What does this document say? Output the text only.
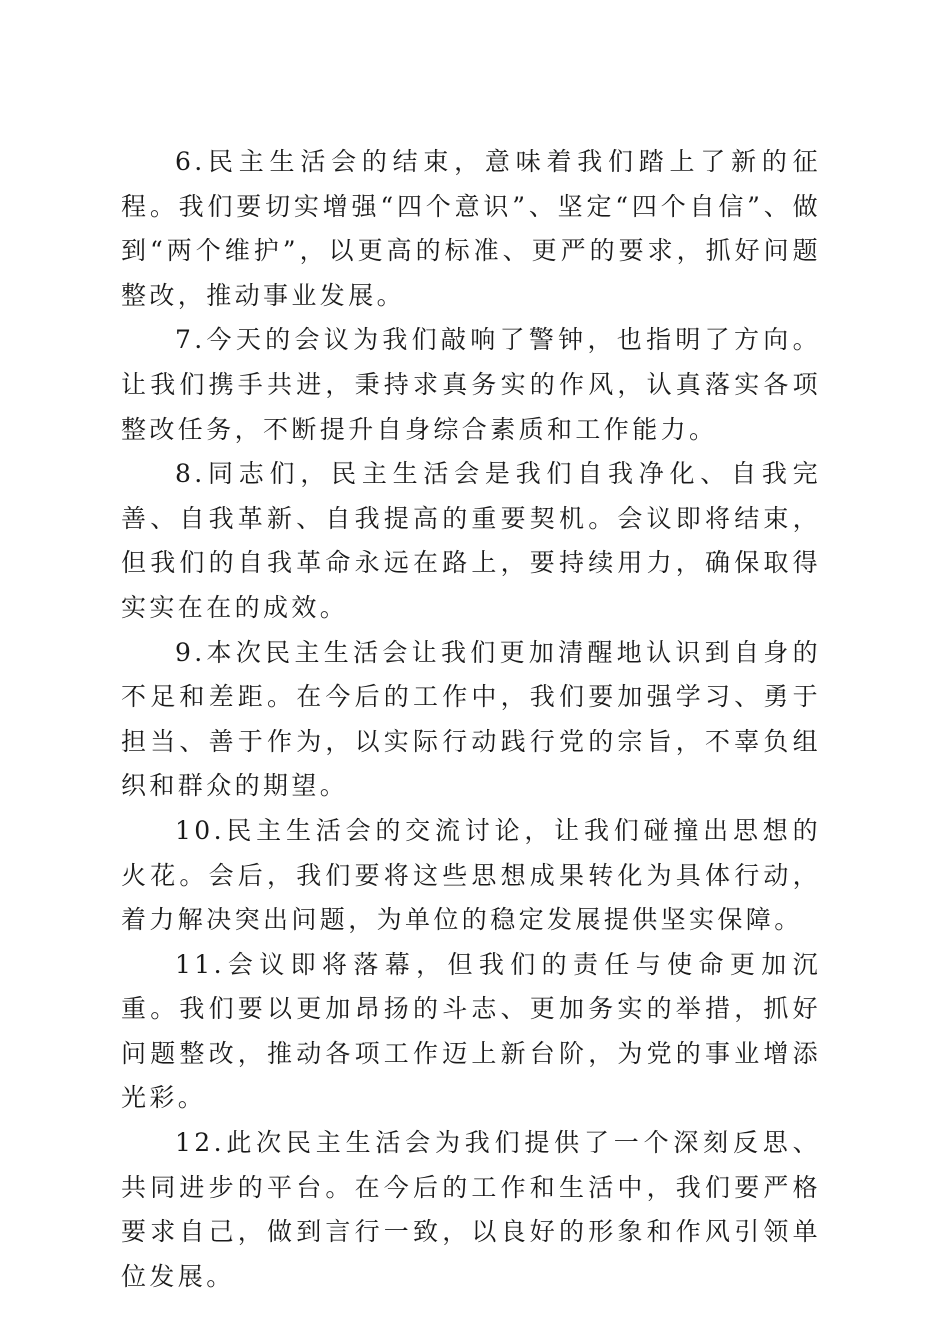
6.民主生活会的结束，意味着我们踏上了新的征程。我们要切实增强“四个意识”、坚定“四个自信”、做到“两个维护”，以更高的标准、更严的要求，抓好问题整改，推动事业发展。

7.今天的会议为我们敲响了警钟，也指明了方向。让我们携手共进，秉持求真务实的作风，认真落实各项整改任务，不断提升自身综合素质和工作能力。

8.同志们，民主生活会是我们自我净化、自我完善、自我革新、自我提高的重要契机。会议即将结束，但我们的自我革命永远在路上，要持续用力，确保取得实实在在的成效。

9.本次民主生活会让我们更加清醒地认识到自身的不足和差距。在今后的工作中，我们要加强学习、勇于担当、善于作为，以实际行动践行党的宗旨，不辜负组织和群众的期望。

10.民主生活会的交流讨论，让我们碰撞出思想的火花。会后，我们要将这些思想成果转化为具体行动，着力解决突出问题，为单位的稳定发展提供坚实保障。

11.会议即将落幕，但我们的责任与使命更加沉重。我们要以更加昂扬的斗志、更加务实的举措，抓好问题整改，推动各项工作迈上新台阶，为党的事业增添光彩。

12.此次民主生活会为我们提供了一个深刻反思、共同进步的平台。在今后的工作和生活中，我们要严格要求自己，做到言行一致，以良好的形象和作风引领单位发展。
